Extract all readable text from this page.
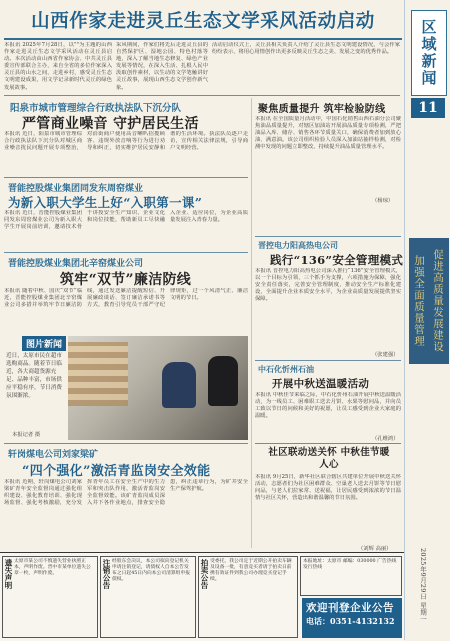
山西作家走进灵丘生态文学采风活动启动
本报讯 2025年7月28日，以""为主题的山西作家走进灵丘生态文学采风活动在灵丘县启动。本次活动由山西省作家协会、中共灵丘县委宣传部联合主办，来自全省的多位作家深入灵丘县的山水之间，走进乡村，感受灵丘生态文明建设成果，用文学记录新时代灵丘的绿色发展故事。
采风期间，作家们将先后走进灵丘县的自然保护区、湿地公园、特色村落等地，深入了解当地生态修复、绿色产业发展等情况，在深入生活、扎根人民中汲取创作素材，以生动的文学笔触讲好灵丘故事，展现山西生态文学创作新气象。
活动启动仪式上，灵丘县相关负责人介绍了灵丘县生态文明建设情况，与会作家纷纷表示，将用心用情创作出更多反映灵丘生态之美、发展之变的优秀作品。
阳泉市城市管理综合行政执法队下沉分队
严管商业噪音 守护居民生活
本报讯 近日，阳泉市城市管理综合行政执法队下沉分队对城区商业噪音扰民问题开展专项整治，对沿街商户使用高音喇叭招揽顾客、违规外放音响等行为进行劝导和纠正，切实维护居民安静和谐的生活环境。执法队员逐户走访，宣传相关法律法规，引导商户文明经营。
晋能控股煤业集团同发东周窑煤业
为新入职大学生上好“入职第一课”
本报讯 近日，晋能控股煤业集团同发东周窑煤业公司为新入职大学生开展岗前培训，邀请技术骨干讲授安全生产知识、企业文化和岗位技能，帮助新员工尽快融入企业、适应岗位，为企业高质量发展注入青春力量。
晋能控股煤业集团北辛窑煤业公司
筑牢“双节”廉洁防线
本报讯 随着中秋、国庆“双节”临近，晋能控股煤业集团北辛窑煤业公司多措并举筑牢节日廉洁防线，通过发送廉洁提醒短信、开展廉政谈话、签订廉洁承诺书等方式，教育引导党员干部严守纪律规矩，过一个风清气正、廉洁文明的节日。
图片新闻
近日，太原市民在超市选购商品。随着节日临近，各大商超货源充足、品种丰富，市场供应平稳有序，节日消费氛围渐浓。
本报记者 摄
轩岗煤电公司刘家梁矿
“四个强化”激活青监岗安全效能
本报讯 近期，轩岗煤电公司刘家梁矿青年安全监督岗通过强化组织建设、强化教育培训、强化现场监督、强化考核激励，充分发挥青年员工在安全生产中的生力军和突击队作用，激活青监岗安全监督效能。该矿青监岗成员深入井下各作业地点，排查安全隐患，纠正违章行为，为矿井安全生产保驾护航。
聚焦质量提升 筑牢检验防线
本报讯 在全国质量月活动中，中国石化销售山西石油分公司聚焦油品质量提升，对辖区加油站开展油品质量专项检测，严把油品入库、储存、销售各环节质量关口，确保消费者加到放心油、满意油。该公司组织检验人员深入加油站抽样检测，对检测中发现的问题立即整改，持续提升油品质量管理水平。
（杨琼）
晋控电力阳高热电公司
践行“136”安全管理模式
本报讯 晋控电力阳高热电公司深入推行“136”安全管理模式，以一个目标为引领，三个抓手为支撑，六项措施为保障，强化安全责任落实，完善安全管理制度，推动安全生产标准化建设，全面提升企业本质安全水平，为企业高质量发展提供坚实保障。
（张建强）
中石化忻州石油
开展中秋送温暖活动
本报讯 中秋佳节来临之际，中石化忻州石油开展中秋送温暖活动，为一线员工、困难职工送去月饼、水果等慰问品，并向员工致以节日的问候和美好的祝愿，让员工感受到企业大家庭的温暖。
（孔维鸿）
社区联动送关怀 中秋佳节暖人心
本报讯 9月25日，新华社区联合辖区共建单位开展中秋送关怀活动，志愿者们为社区困难群众、空巢老人送去月饼等节日慰问品，与老人们拉家常、送祝福，让居民感受到浓浓的节日温情与社区关怀，营造出和谐温馨的节日氛围。
（刘辉 高丽）
区域新闻
11
加强全面质量管理 促进高质量发展建设
2025年9月29日 星期一
遗失声明 太原市某公司不慎遗失营业执照正本，声明作废。晋中市某单位遗失公章一枚，声明作废。	注销公告 经股东会决议，本公司拟向登记机关申请注销登记，请债权人自本公告发布之日起45日内向本公司清算组申报债权。	拍卖公告 受委托，我公司定于近期公开拍卖车辆及设备一批，有意竞买者请于拍卖日前携有效证件到我公司办理竞买登记手续。
本报地址：太原市 邮编：030000 广告热线 发行热线
欢迎刊登企业公告
电话：0351-4132132
